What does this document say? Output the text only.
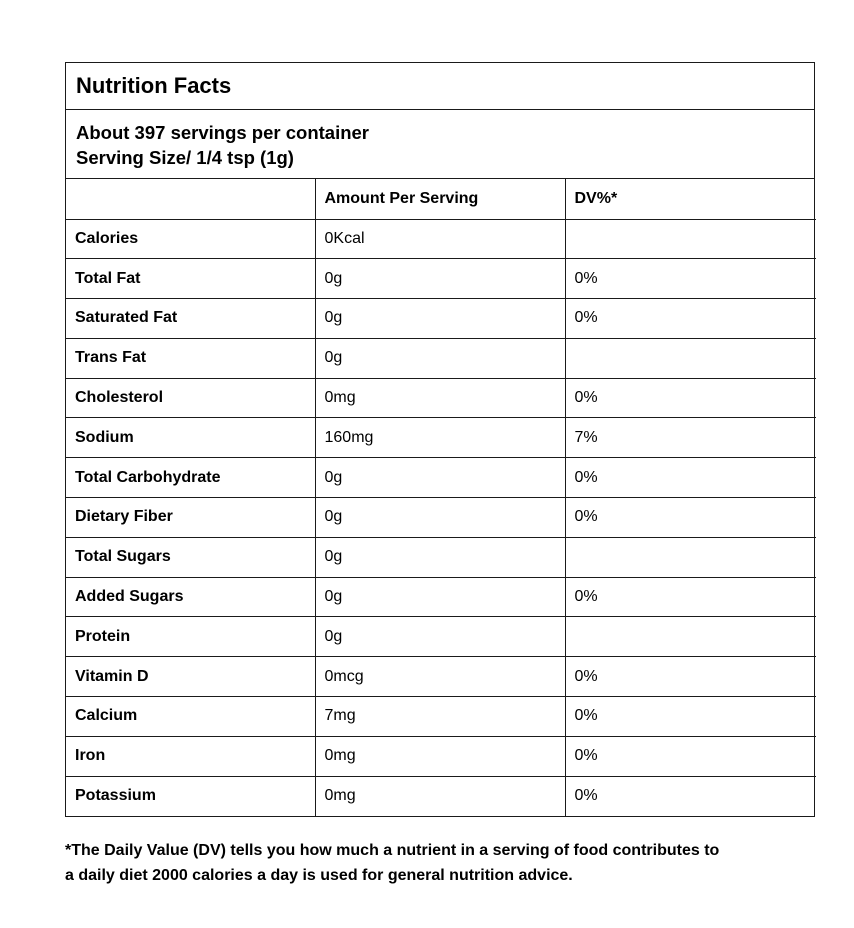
Nutrition Facts
About 397 servings per container
Serving Size/ 1/4 tsp (1g)
	Amount Per Serving	DV%*
Calories	0Kcal	
Total Fat	0g	0%
Saturated Fat	0g	0%
Trans Fat	0g	
Cholesterol	0mg	0%
Sodium	160mg	7%
Total Carbohydrate	0g	0%
Dietary Fiber	0g	0%
Total Sugars	0g	
Added Sugars	0g	0%
Protein	0g	
Vitamin D	0mcg	0%
Calcium	7mg	0%
Iron	0mg	0%
Potassium	0mg	0%
*The Daily Value (DV) tells you how much a nutrient in a serving of food contributes to
a daily diet 2000 calories a day is used for general nutrition advice.
